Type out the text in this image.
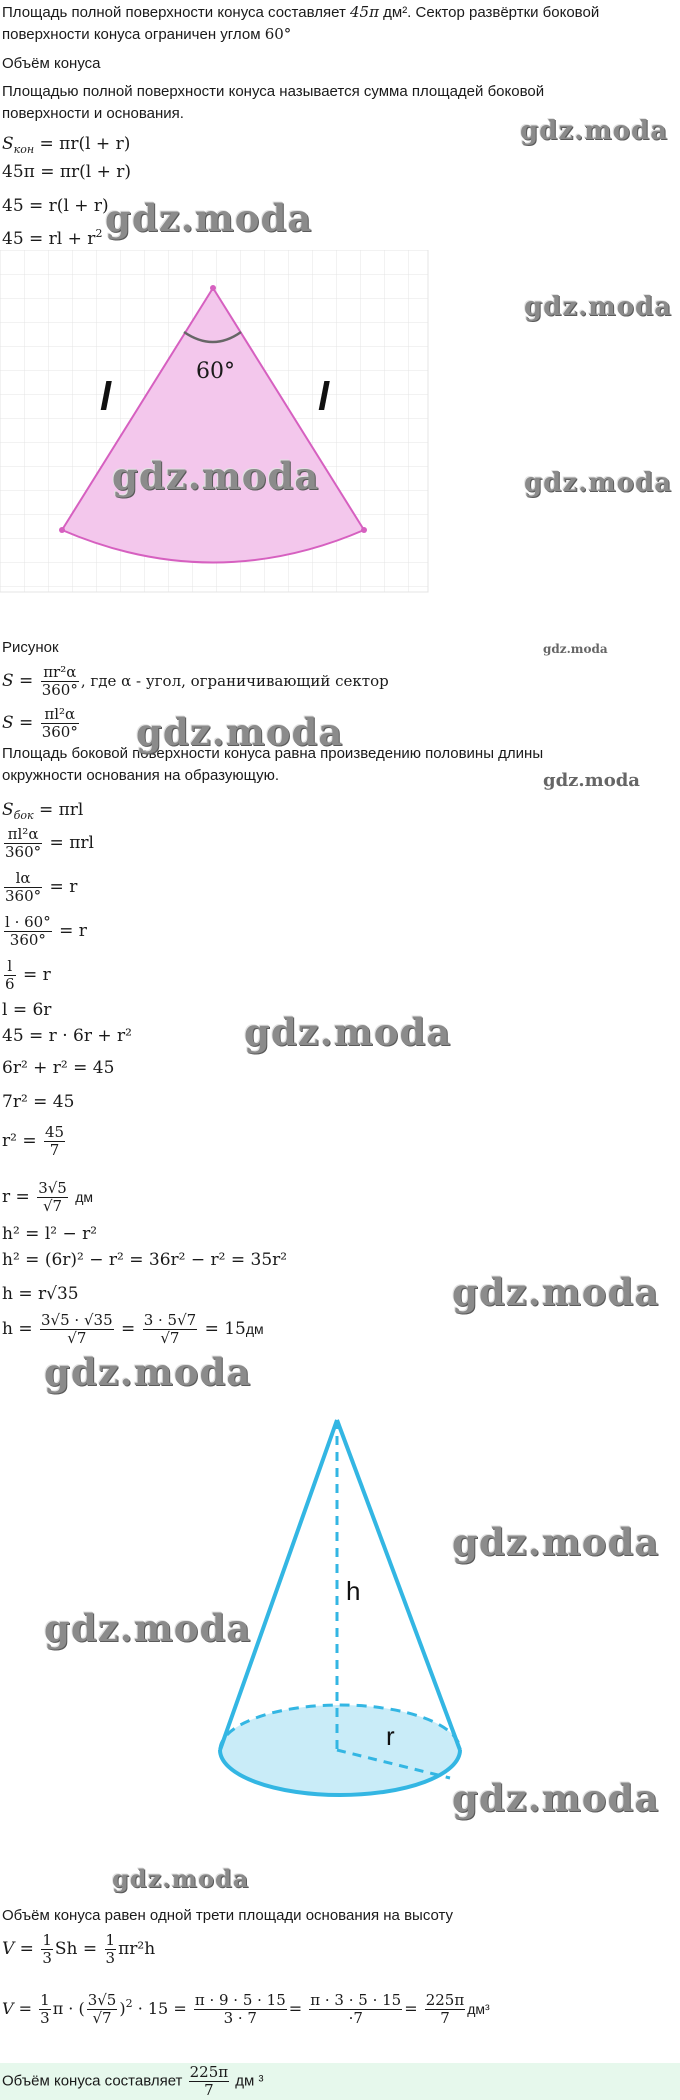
Площадь полной поверхности конуса составляет 45π дм². Сектор развёртки боковой
поверхности конуса ограничен углом 60°
Объём конуса
Площадью полной поверхности конуса называется сумма площадей боковой
поверхности и основания.
$S_{кон} = \pi r(l + r)$
45π = πr(l + r)
45 = r(l + r)
45 = rl + $r^2$
60°
l	l
Рисунок
$S = \frac{\text{πr²α}}{360^\circ}$ , где α - угол, ограничивающий сектор
$S = \frac{\text{πl²α}}{360^\circ}$
Площадь боковой поверхности конуса равна произведению половины длины
окружности основания на образующую.
$S_{бок} = \pi rl$
$\frac{\text{πl²α}}{360^\circ} = \pi rl$
$\frac{l\alpha}{360^\circ} = r$
$\frac{l \cdot 60^\circ}{360^\circ} = r$
$\frac{l}{6} = r$
l = 6r
45 = r · 6r + r²
6r² + r² = 45
7r² = 45
$r^2 = \frac{45}{7}$
$r = \frac{3√5}{√7}$ дм
h² = l² − r²
h² = (6r)² − r² = 36r² − r² = 35r²
h = r√35
$h = \frac{3√5 \cdot √35}{√7} = \frac{3 \cdot 5√7}{√7} = 15дм$
h
r
Объём конуса равен одной трети площади основания на высоту
$V = \frac{1}{3}$ $Sh = \frac{1}{3} \pi r^2h$
$V = \frac{1}{3}$ π · ( $\frac{3√5}{√7} )^2 \cdot 15 = \frac{\pi \cdot 9 \cdot 5 \cdot 15}{3 \cdot 7} = \frac{\pi \cdot 3 \cdot 5 \cdot 15}{\cdot 7} = \frac{225\pi}{7} дм^3$
Объём конуса составляет $\frac{225\pi}{7}$ дм ³
gdz.moda
gdz.moda
gdz.moda
gdz.moda	gdz.moda
gdz.moda
gdz.moda
gdz.moda
gdz.moda
gdz.moda
gdz.moda
gdz.moda
gdz.moda
gdz.moda
gdz.moda
